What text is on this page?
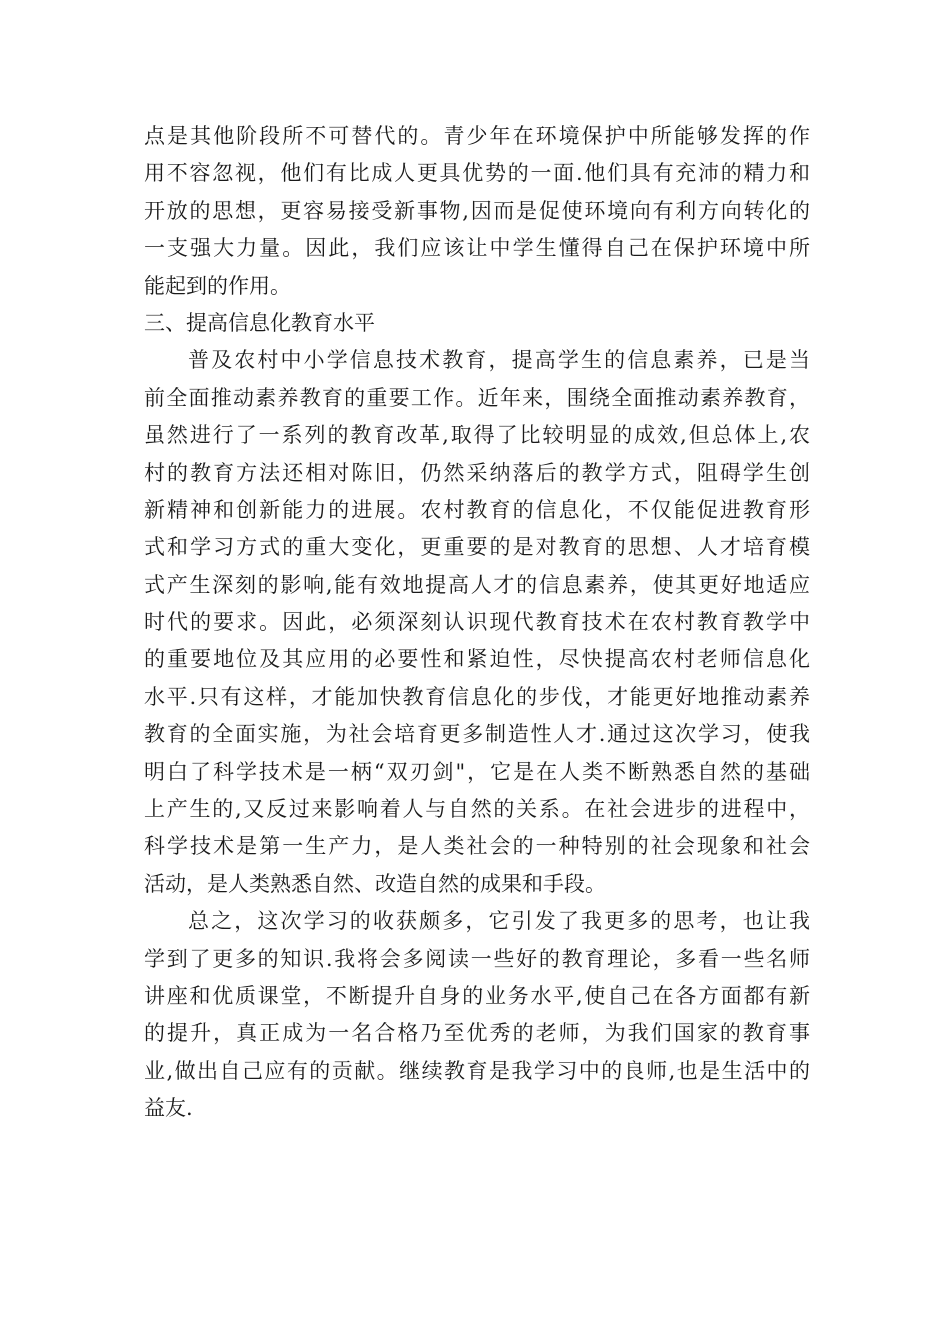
点是其他阶段所不可替代的。青少年在环境保护中所能够发挥的作
用不容忽视，他们有比成人更具优势的一面.他们具有充沛的精力和
开放的思想，更容易接受新事物,因而是促使环境向有利方向转化的
一支强大力量。因此，我们应该让中学生懂得自己在保护环境中所
能起到的作用。
三、提高信息化教育水平
普及农村中小学信息技术教育，提高学生的信息素养，已是当
前全面推动素养教育的重要工作。近年来，围绕全面推动素养教育，
虽然进行了一系列的教育改革,取得了比较明显的成效,但总体上,农
村的教育方法还相对陈旧，仍然采纳落后的教学方式，阻碍学生创
新精神和创新能力的进展。农村教育的信息化，不仅能促进教育形
式和学习方式的重大变化，更重要的是对教育的思想、人才培育模
式产生深刻的影响,能有效地提高人才的信息素养，使其更好地适应
时代的要求。因此，必须深刻认识现代教育技术在农村教育教学中
的重要地位及其应用的必要性和紧迫性，尽快提高农村老师信息化
水平.只有这样，才能加快教育信息化的步伐，才能更好地推动素养
教育的全面实施，为社会培育更多制造性人才.通过这次学习，使我
明白了科学技术是一柄“双刃剑"，它是在人类不断熟悉自然的基础
上产生的,又反过来影响着人与自然的关系。在社会进步的进程中，
科学技术是第一生产力，是人类社会的一种特别的社会现象和社会
活动，是人类熟悉自然、改造自然的成果和手段。
总之，这次学习的收获颇多，它引发了我更多的思考，也让我
学到了更多的知识.我将会多阅读一些好的教育理论，多看一些名师
讲座和优质课堂，不断提升自身的业务水平,使自己在各方面都有新
的提升，真正成为一名合格乃至优秀的老师，为我们国家的教育事
业,做出自己应有的贡献。继续教育是我学习中的良师,也是生活中的
益友.
